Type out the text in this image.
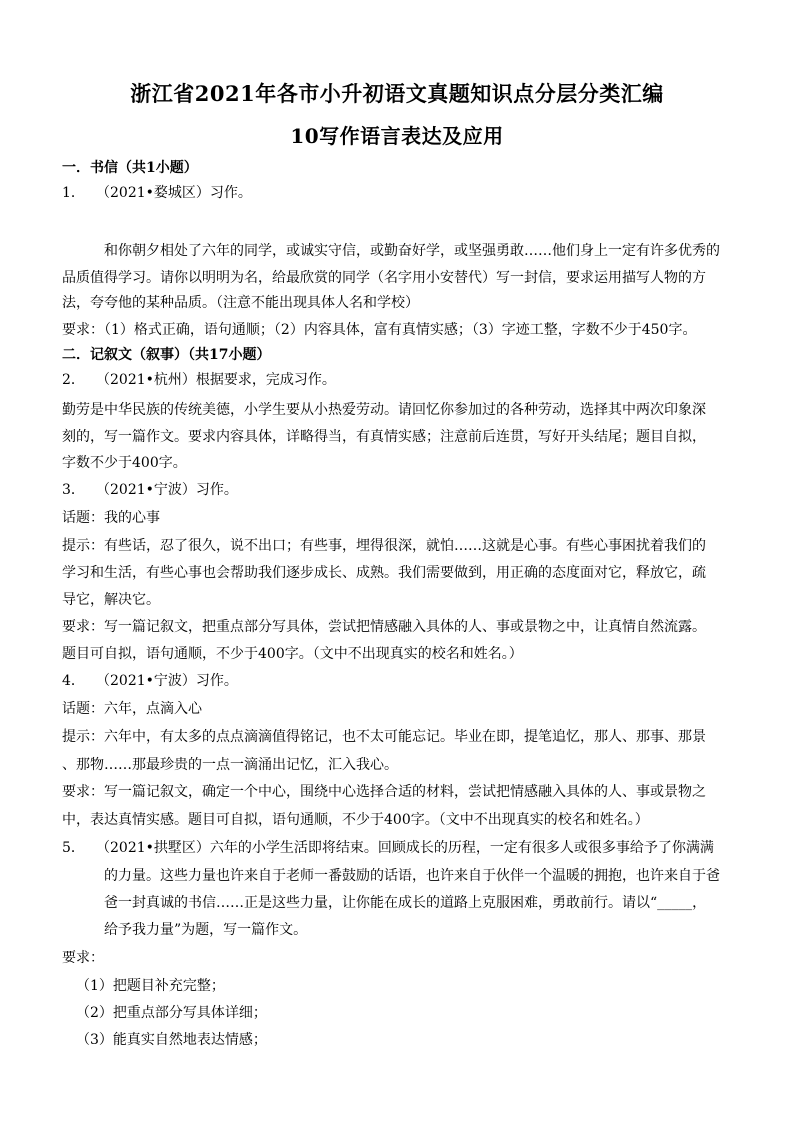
浙江省2021年各市小升初语文真题知识点分层分类汇编
10写作语言表达及应用
一．书信（共1小题）
1． （2021•婺城区）习作。
和你朝夕相处了六年的同学，或诚实守信，或勤奋好学，或坚强勇敢……他们身上一定有许多优秀的
品质值得学习。请你以明明为名，给最欣赏的同学（名字用小安替代）写一封信，要求运用描写人物的方
法，夸夸他的某种品质。（注意不能出现具体人名和学校）
要求：（1）格式正确，语句通顺；（2）内容具体，富有真情实感；（3）字迹工整，字数不少于450字。
二．记叙文（叙事）（共17小题）
2． （2021•杭州）根据要求，完成习作。
勤劳是中华民族的传统美德，小学生要从小热爱劳动。请回忆你参加过的各种劳动，选择其中两次印象深
刻的，写一篇作文。要求内容具体，详略得当，有真情实感；注意前后连贯，写好开头结尾；题目自拟，
字数不少于400字。
3． （2021•宁波）习作。
话题：我的心事
提示：有些话，忍了很久，说不出口；有些事，埋得很深，就怕……这就是心事。有些心事困扰着我们的
学习和生活，有些心事也会帮助我们逐步成长、成熟。我们需要做到，用正确的态度面对它，释放它，疏
导它，解决它。
要求：写一篇记叙文，把重点部分写具体，尝试把情感融入具体的人、事或景物之中，让真情自然流露。
题目可自拟，语句通顺，不少于400字。（文中不出现真实的校名和姓名。）
4． （2021•宁波）习作。
话题：六年，点滴入心
提示：六年中，有太多的点点滴滴值得铭记，也不太可能忘记。毕业在即，提笔追忆，那人、那事、那景
、那物……那最珍贵的一点一滴涌出记忆，汇入我心。
要求：写一篇记叙文，确定一个中心，围绕中心选择合适的材料，尝试把情感融入具体的人、事或景物之
中，表达真情实感。题目可自拟，语句通顺，不少于400字。（文中不出现真实的校名和姓名。）
5． （2021•拱墅区）六年的小学生活即将结束。回顾成长的历程，一定有很多人或很多事给予了你满满
的力量。这些力量也许来自于老师一番鼓励的话语，也许来自于伙伴一个温暖的拥抱，也许来自于爸
爸一封真诚的书信……正是这些力量，让你能在成长的道路上克服困难，勇敢前行。请以“_____，
给予我力量”为题，写一篇作文。
要求：
（1）把题目补充完整；
（2）把重点部分写具体详细；
（3）能真实自然地表达情感；
